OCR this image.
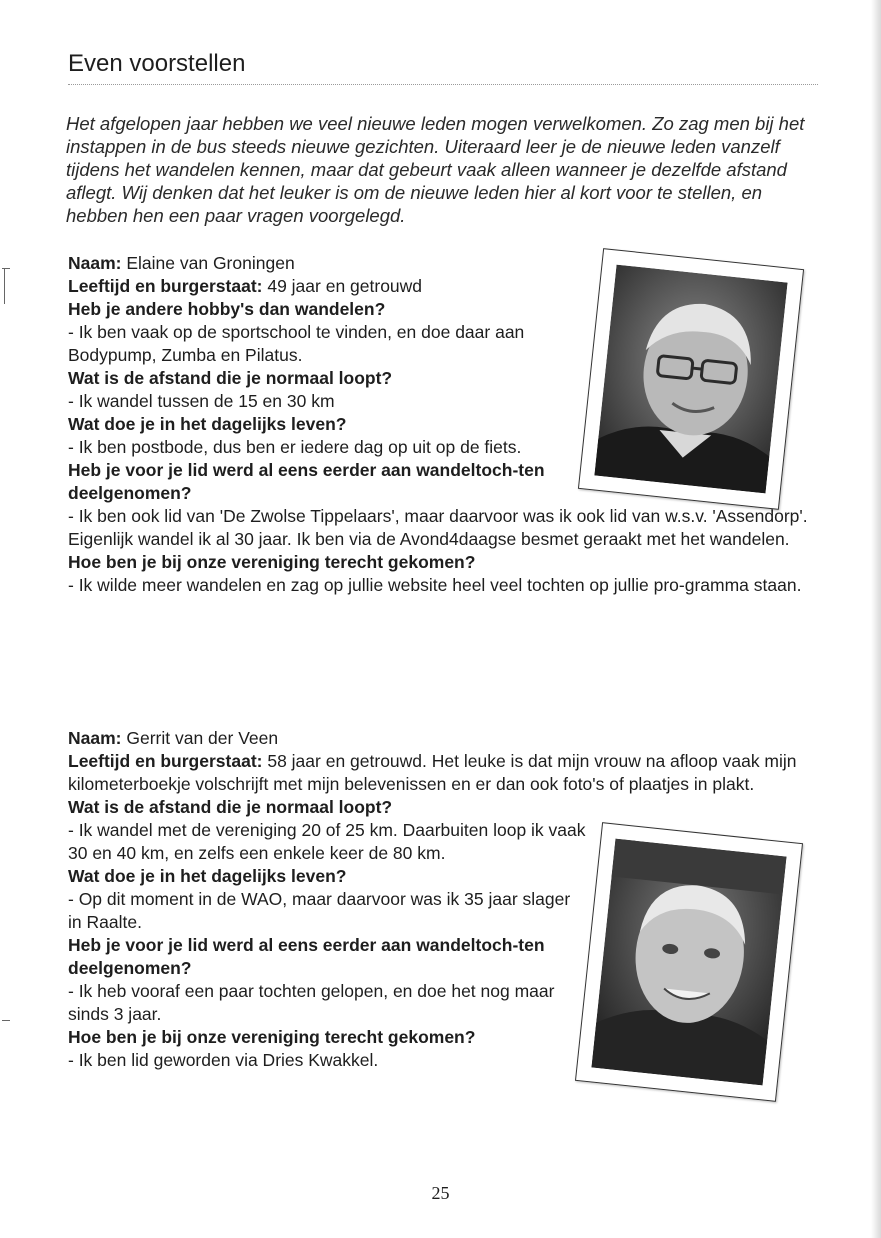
Even voorstellen

Het afgelopen jaar hebben we veel nieuwe leden mogen verwelkomen. Zo zag men bij het instappen in de bus steeds nieuwe gezichten. Uiteraard leer je de nieuwe leden vanzelf tijdens het wandelen kennen, maar dat gebeurt vaak alleen wanneer je dezelfde afstand aflegt. Wij denken dat het leuker is om de nieuwe leden hier al kort voor te stellen, en hebben hen een paar vragen voorgelegd.

Naam: Elaine van Groningen

Leeftijd en burgerstaat: 49 jaar en getrouwd

Heb je andere hobby's dan wandelen?

- Ik ben vaak op de sportschool te vinden, en doe daar aan Bodypump, Zumba en Pilatus.

Wat is de afstand die je normaal loopt?

- Ik wandel tussen de 15 en 30 km

Wat doe je in het dagelijks leven?

- Ik ben postbode, dus ben er iedere dag op uit op de fiets.

Heb je voor je lid werd al eens eerder aan wandeltoch-ten deelgenomen?

- Ik ben ook lid van 'De Zwolse Tippelaars', maar daarvoor was ik ook lid van w.s.v. 'Assendorp'. Eigenlijk wandel ik al 30 jaar. Ik ben via de Avond4daagse besmet geraakt met het wandelen.

Hoe ben je bij onze vereniging terecht gekomen?

- Ik wilde meer wandelen en zag op jullie website heel veel tochten op jullie pro-gramma staan.

Naam: Gerrit van der Veen

Leeftijd en burgerstaat: 58 jaar en getrouwd. Het leuke is dat mijn vrouw na afloop vaak mijn kilometerboekje volschrijft met mijn belevenissen en er dan ook foto's of plaatjes in plakt.

Wat is de afstand die je normaal loopt?

- Ik wandel met de vereniging 20 of 25 km. Daarbuiten loop ik vaak 30 en 40 km, en zelfs een enkele keer de 80 km.

Wat doe je in het dagelijks leven?

- Op dit moment in de WAO, maar daarvoor was ik 35 jaar slager in Raalte.

Heb je voor je lid werd al eens eerder aan wandeltoch-ten deelgenomen?

- Ik heb vooraf een paar tochten gelopen, en doe het nog maar sinds 3 jaar.

Hoe ben je bij onze vereniging terecht gekomen?

- Ik ben lid geworden via Dries Kwakkel.

25
